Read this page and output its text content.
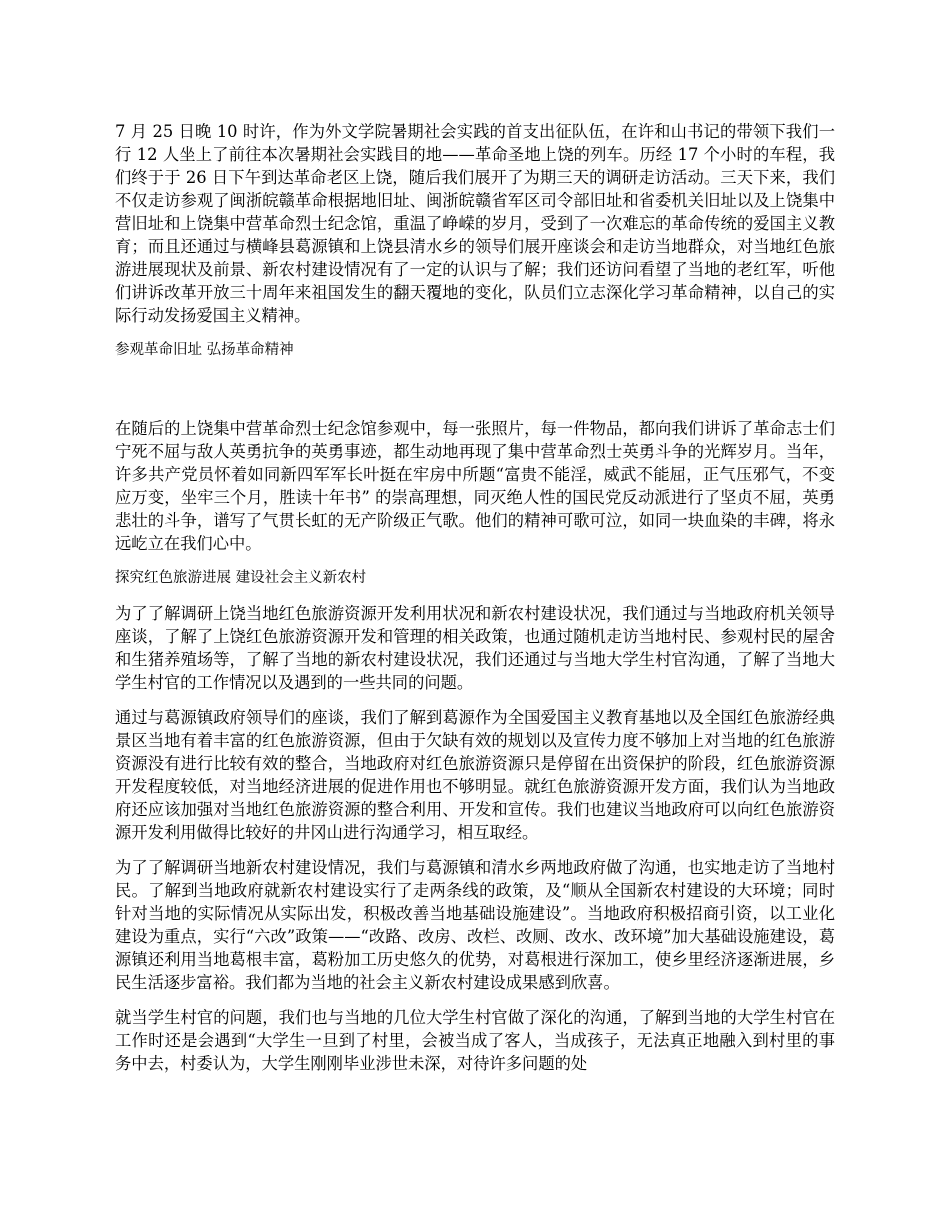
7 月 25 日晚 10 时许，作为外文学院暑期社会实践的首支出征队伍，在许和山书记的带领下我们一行 12 人坐上了前往本次暑期社会实践目的地——革命圣地上饶的列车。历经 17 个小时的车程，我们终于于 26 日下午到达革命老区上饶，随后我们展开了为期三天的调研走访活动。三天下来，我们不仅走访参观了闽浙皖赣革命根据地旧址、闽浙皖赣省军区司令部旧址和省委机关旧址以及上饶集中营旧址和上饶集中营革命烈士纪念馆，重温了峥嵘的岁月，受到了一次难忘的革命传统的爱国主义教育；而且还通过与横峰县葛源镇和上饶县清水乡的领导们展开座谈会和走访当地群众，对当地红色旅游进展现状及前景、新农村建设情况有了一定的认识与了解；我们还访问看望了当地的老红军，听他们讲诉改革开放三十周年来祖国发生的翻天覆地的变化，队员们立志深化学习革命精神，以自己的实际行动发扬爱国主义精神。

参观革命旧址 弘扬革命精神

在随后的上饶集中营革命烈士纪念馆参观中，每一张照片，每一件物品，都向我们讲诉了革命志士们宁死不屈与敌人英勇抗争的英勇事迹，都生动地再现了集中营革命烈士英勇斗争的光辉岁月。当年，许多共产党员怀着如同新四军军长叶挺在牢房中所题“富贵不能淫，威武不能屈，正气压邪气，不变应万变，坐牢三个月，胜读十年书” 的崇高理想，同灭绝人性的国民党反动派进行了坚贞不屈，英勇悲壮的斗争，谱写了气贯长虹的无产阶级正气歌。他们的精神可歌可泣，如同一块血染的丰碑，将永远屹立在我们心中。

探究红色旅游进展 建设社会主义新农村

为了了解调研上饶当地红色旅游资源开发利用状况和新农村建设状况，我们通过与当地政府机关领导座谈，了解了上饶红色旅游资源开发和管理的相关政策，也通过随机走访当地村民、参观村民的屋舍和生猪养殖场等，了解了当地的新农村建设状况，我们还通过与当地大学生村官沟通，了解了当地大学生村官的工作情况以及遇到的一些共同的问题。

通过与葛源镇政府领导们的座谈，我们了解到葛源作为全国爱国主义教育基地以及全国红色旅游经典景区当地有着丰富的红色旅游资源，但由于欠缺有效的规划以及宣传力度不够加上对当地的红色旅游资源没有进行比较有效的整合，当地政府对红色旅游资源只是停留在出资保护的阶段，红色旅游资源开发程度较低，对当地经济进展的促进作用也不够明显。就红色旅游资源开发方面，我们认为当地政府还应该加强对当地红色旅游资源的整合利用、开发和宣传。我们也建议当地政府可以向红色旅游资源开发利用做得比较好的井冈山进行沟通学习，相互取经。

为了了解调研当地新农村建设情况，我们与葛源镇和清水乡两地政府做了沟通，也实地走访了当地村民。了解到当地政府就新农村建设实行了走两条线的政策，及“顺从全国新农村建设的大环境；同时针对当地的实际情况从实际出发，积极改善当地基础设施建设”。当地政府积极招商引资，以工业化建设为重点，实行“六改”政策——“改路、改房、改栏、改厕、改水、改环境”加大基础设施建设，葛源镇还利用当地葛根丰富，葛粉加工历史悠久的优势，对葛根进行深加工，使乡里经济逐渐进展，乡民生活逐步富裕。我们都为当地的社会主义新农村建设成果感到欣喜。

就当学生村官的问题，我们也与当地的几位大学生村官做了深化的沟通，了解到当地的大学生村官在工作时还是会遇到“大学生一旦到了村里，会被当成了客人，当成孩子，无法真正地融入到村里的事务中去，村委认为，大学生刚刚毕业涉世未深，对待许多问题的处
